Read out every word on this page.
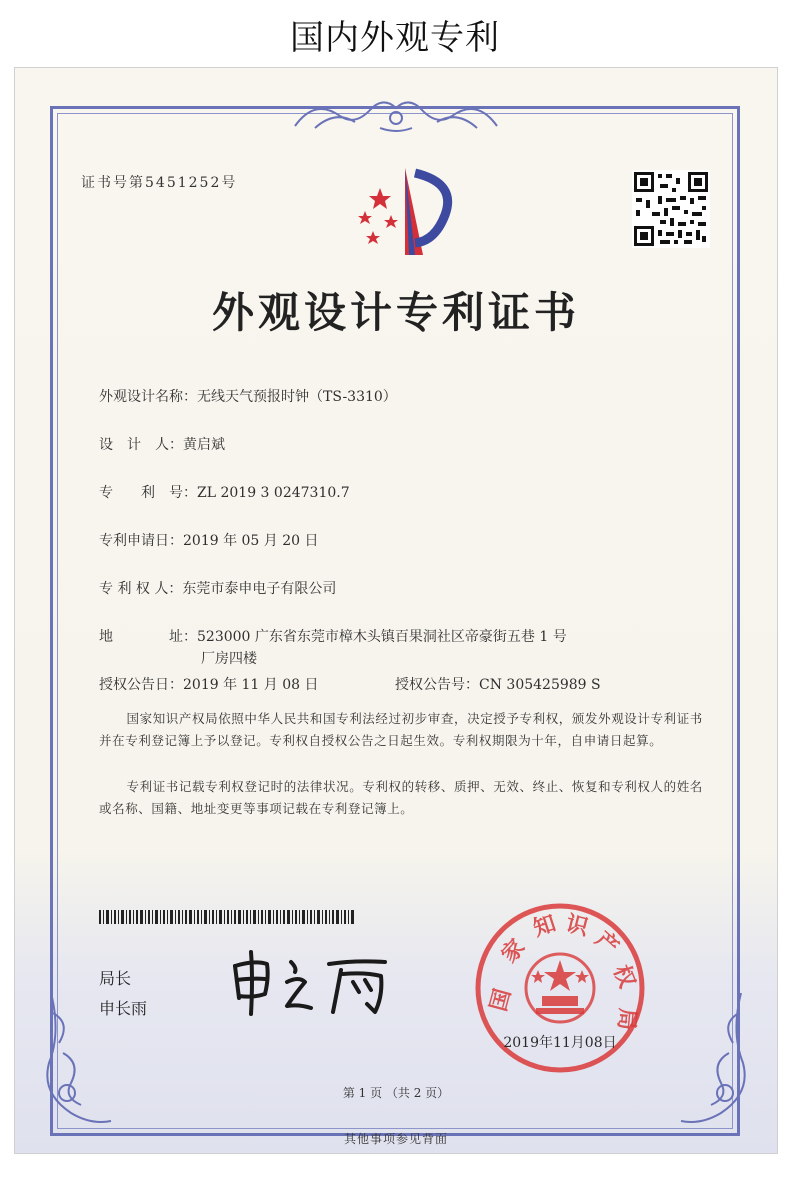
国内外观专利
证书号第5451252号
外观设计专利证书
外观设计名称：无线天气预报时钟（TS-3310）
设　计　人：黄启斌
专　　利　号：ZL 2019 3 0247310.7
专利申请日：2019 年 05 月 20 日
专 利 权 人：东莞市泰申电子有限公司
地　　　　址：523000 广东省东莞市樟木头镇百果洞社区帝豪街五巷 1 号
厂房四楼
授权公告日：2019 年 11 月 08 日	授权公告号：CN 305425989 S
国家知识产权局依照中华人民共和国专利法经过初步审查，决定授予专利权，颁发外观设计专利证书并在专利登记簿上予以登记。专利权自授权公告之日起生效。专利权期限为十年，自申请日起算。
专利证书记载专利权登记时的法律状况。专利权的转移、质押、无效、终止、恢复和专利权人的姓名或名称、国籍、地址变更等事项记载在专利登记簿上。
局长
申长雨	国
家
知 识
产
权
局
2019年11月08日
第 1 页 （共 2 页）
其他事项参见背面
